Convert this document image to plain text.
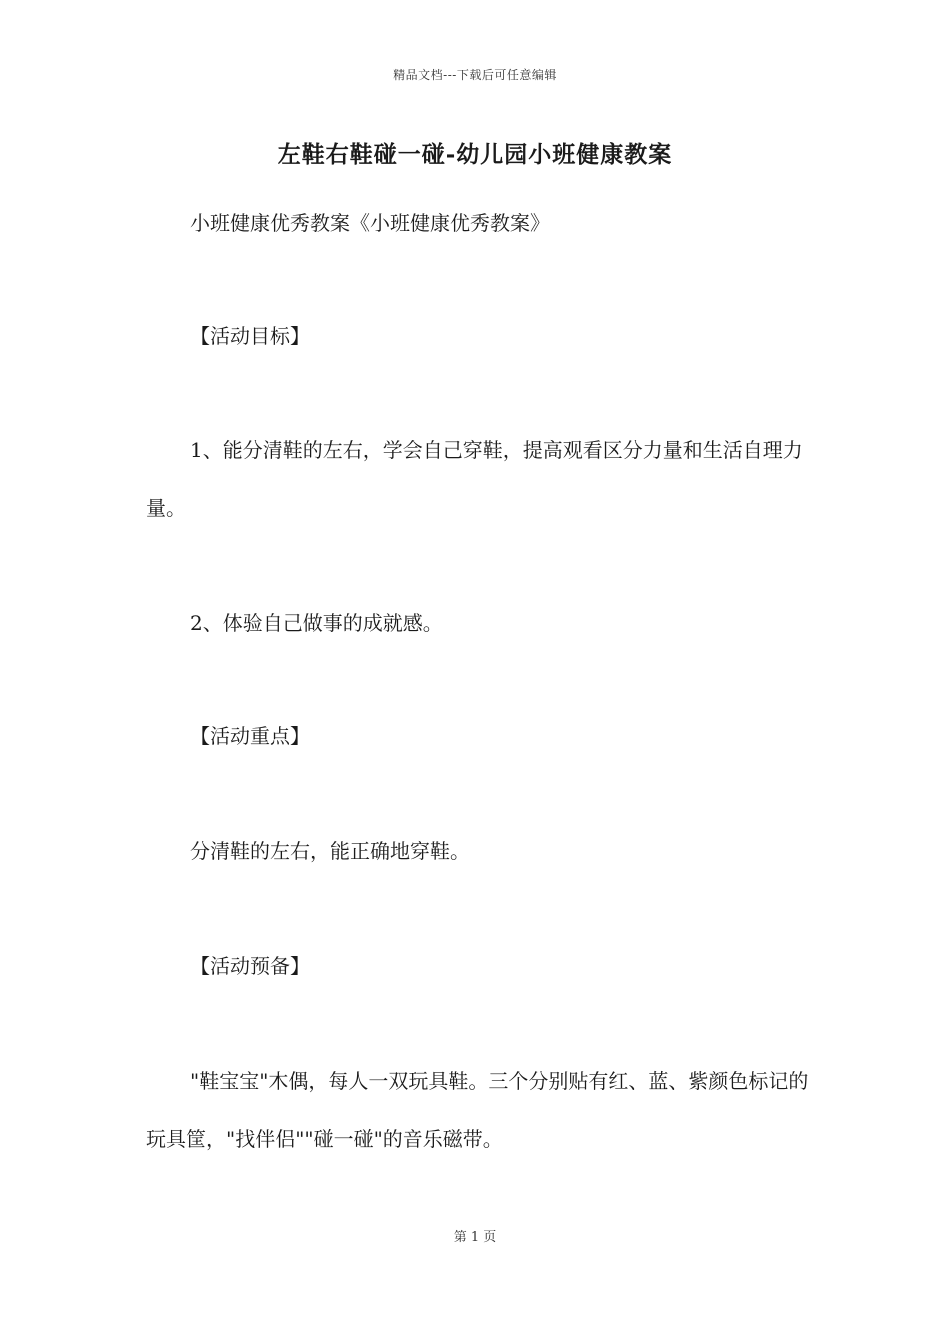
精品文档---下载后可任意编辑
左鞋右鞋碰一碰-幼儿园小班健康教案

小班健康优秀教案《小班健康优秀教案》

【活动目标】

1、能分清鞋的左右，学会自己穿鞋，提高观看区分力量和生活自理力量。

2、体验自己做事的成就感。

【活动重点】

分清鞋的左右，能正确地穿鞋。

【活动预备】

"鞋宝宝"木偶，每人一双玩具鞋。三个分别贴有红、蓝、紫颜色标记的玩具筐，"找伴侣""碰一碰"的音乐磁带。

第 1 页
